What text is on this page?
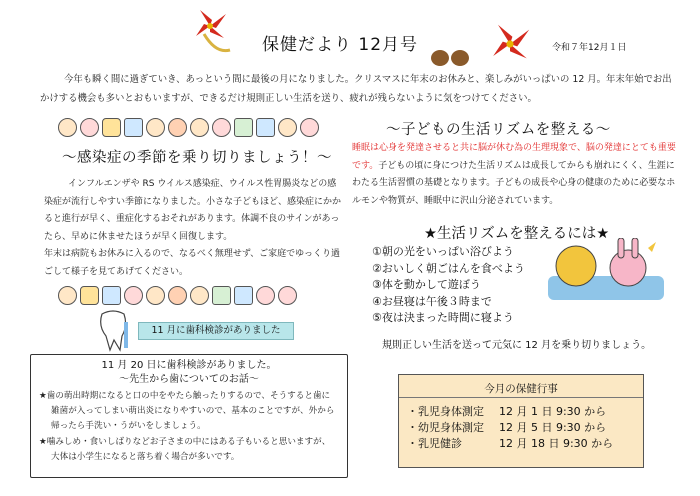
保健だより 12月号	令和７年12月１日
今年も瞬く間に過ぎていき、あっという間に最後の月になりました。クリスマスに年末のお休みと、楽しみがいっぱいの 12 月。年末年始でお出かけする機会も多いとおもいますが、できるだけ規則正しい生活を送り、疲れが残らないように気をつけてください。
～感染症の季節を乗り切りましょう！～

インフルエンザや RS ウイルス感染症、ウイルス性胃腸炎などの感染症が流行しやすい季節になりました。小さな子どもほど、感染症にかかると進行が早く、重症化するおそれがあります。体調不良のサインがあったら、早めに休ませたほうが早く回復します。

年末は病院もお休みに入るので、なるべく無理せず、ご家庭でゆっくり過ごして様子を見てあげてください。

11 月に歯科検診がありました
11 月 20 日に歯科検診がありました。
～先生から歯についてのお話～
★歯の萌出時期になると口の中をやたら触ったりするので、そうすると歯に
雑菌が入ってしまい萌出炎になりやすいので、基本のことですが、外から
帰ったら手洗い・うがいをしましょう。
★噛みしめ・食いしばりなどお子さまの中にはある子もいると思いますが、
大体は小学生になると落ち着く場合が多いです。
～子どもの生活リズムを整える～
睡眠は心身を発達させると共に脳が休む為の生理現象で、脳の発達にとても重要です。子どもの頃に身につけた生活リズムは成長してからも崩れにくく、生涯にわたる生活習慣の基礎となります。子どもの成長や心身の健康のために必要なホルモンや物質が、睡眠中に沢山分泌されています。
★生活リズムを整えるには★
①朝の光をいっぱい浴びよう
②おいしく朝ごはんを食べよう
③体を動かして遊ぼう
④お昼寝は午後３時まで
⑤夜は決まった時間に寝よう
規則正しい生活を送って元気に 12 月を乗り切りましょう。
今月の保健行事
・乳児身体測定	12 月 1 日 9:30 から
・幼児身体測定	12 月 5 日 9:30 から
・乳児健診	12 月 18 日 9:30 から
